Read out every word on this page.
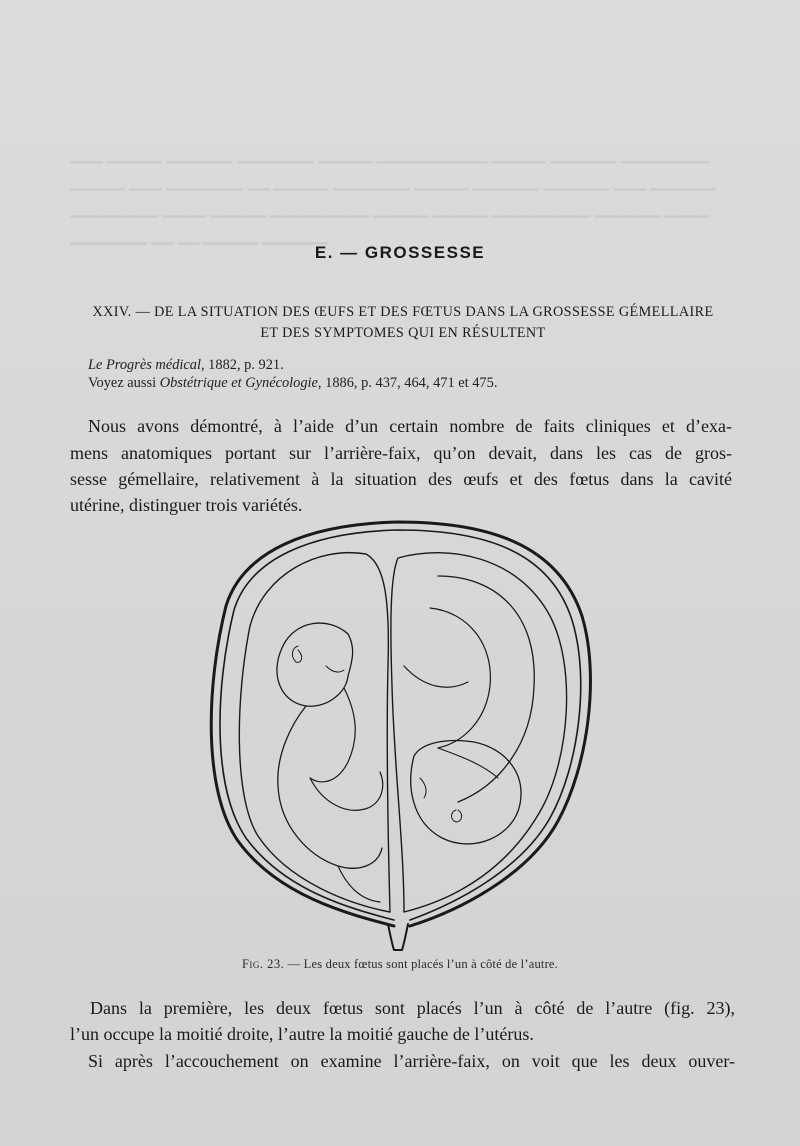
▁▁▁ ▁▁▁▁▁ ▁▁▁▁▁▁ ▁▁▁▁▁▁▁ ▁▁▁▁▁ ▁▁▁▁▁▁▁▁▁▁ ▁▁▁▁▁ ▁▁▁▁▁▁ ▁▁▁▁▁▁▁▁
▁▁▁▁▁ ▁▁▁ ▁▁▁▁▁▁▁ ▁▁ ▁▁▁▁▁ ▁▁▁▁▁▁▁ ▁▁▁▁▁ ▁▁▁▁▁▁ ▁▁▁▁▁▁ ▁▁▁ ▁▁▁▁▁▁
▁▁▁▁▁▁▁▁ ▁▁▁▁ ▁▁▁▁▁ ▁▁▁▁▁▁▁▁▁ ▁▁▁▁▁ ▁▁▁▁▁ ▁▁▁▁▁▁▁▁▁ ▁▁▁▁▁▁ ▁▁▁▁
▁▁▁▁▁▁▁ ▁▁ ▁▁ ▁▁▁▁▁ ▁▁▁▁▁▁
E. — GROSSESSE
XXIV. — DE LA SITUATION DES ŒUFS ET DES FŒTUS DANS LA GROSSESSE GÉMELLAIRE
ET DES SYMPTOMES QUI EN RÉSULTENT
Le Progrès médical, 1882, p. 921.
Voyez aussi Obstétrique et Gynécologie, 1886, p. 437, 464, 471 et 475.
Nous avons démontré, à l’aide d’un certain nombre de faits cliniques et d’exa-
mens anatomiques portant sur l’arrière-faix, qu’on devait, dans les cas de gros-
sesse gémellaire, relativement à la situation des œufs et des fœtus dans la cavité
utérine, distinguer trois variétés.
Fig. 23. — Les deux fœtus sont placés l’un à côté de l’autre.
Dans la première, les deux fœtus sont placés l’un à côté de l’autre (fig. 23),
l’un occupe la moitié droite, l’autre la moitié gauche de l’utérus.
Si après l’accouchement on examine l’arrière-faix, on voit que les deux ouver-
